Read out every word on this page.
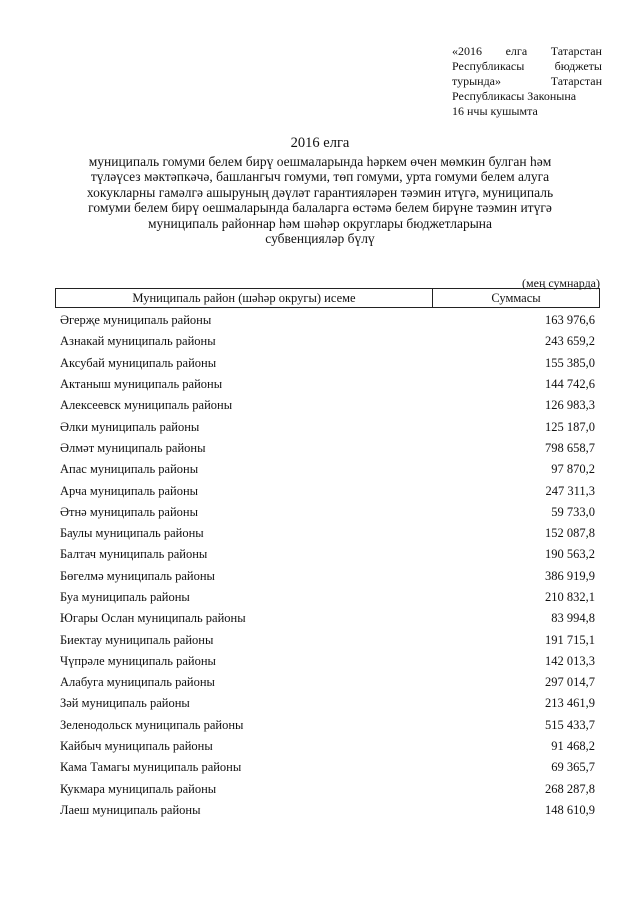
«2016 елга Татарстан
Республикасы	бюджеты
турында»	Татарстан
Республикасы Законына
16 нчы кушымта
2016 елга
муниципаль гомуми белем бирү оешмаларында һәркем өчен мөмкин булган һәм
түләүсез мәктәпкәчә, башлангыч гомуми, төп гомуми, урта гомуми белем алуга
хокукларны гамәлгә ашыруның дәүләт гарантияләрен тәэмин итүгә, муниципаль
гомуми белем бирү оешмаларында балаларга өстәмә белем бирүне тәэмин итүгә
муниципаль районнар һәм шәһәр округлары бюджетларына
субвенцияләр бүлү
(мең сумнарда)
Муниципаль район (шәһәр округы) исеме	Суммасы
Әгерҗе муниципаль районы	163 976,6
Азнакай муниципаль районы	243 659,2
Аксубай муниципаль районы	155 385,0
Актаныш муниципаль районы	144 742,6
Алексеевск муниципаль районы	126 983,3
Әлки муниципаль районы	125 187,0
Әлмәт муниципаль районы	798 658,7
Апас муниципаль районы	97 870,2
Арча муниципаль районы	247 311,3
Әтнә муниципаль районы	59 733,0
Баулы муниципаль районы	152 087,8
Балтач муниципаль районы	190 563,2
Бөгелмә муниципаль районы	386 919,9
Буа муниципаль районы	210 832,1
Югары Ослан муниципаль районы	83 994,8
Биектау муниципаль районы	191 715,1
Чүпрәле муниципаль районы	142 013,3
Алабуга муниципаль районы	297 014,7
Зәй муниципаль районы	213 461,9
Зеленодольск муниципаль районы	515 433,7
Кайбыч муниципаль районы	91 468,2
Кама Тамагы муниципаль районы	69 365,7
Кукмара муниципаль районы	268 287,8
Лаеш муниципаль районы	148 610,9
